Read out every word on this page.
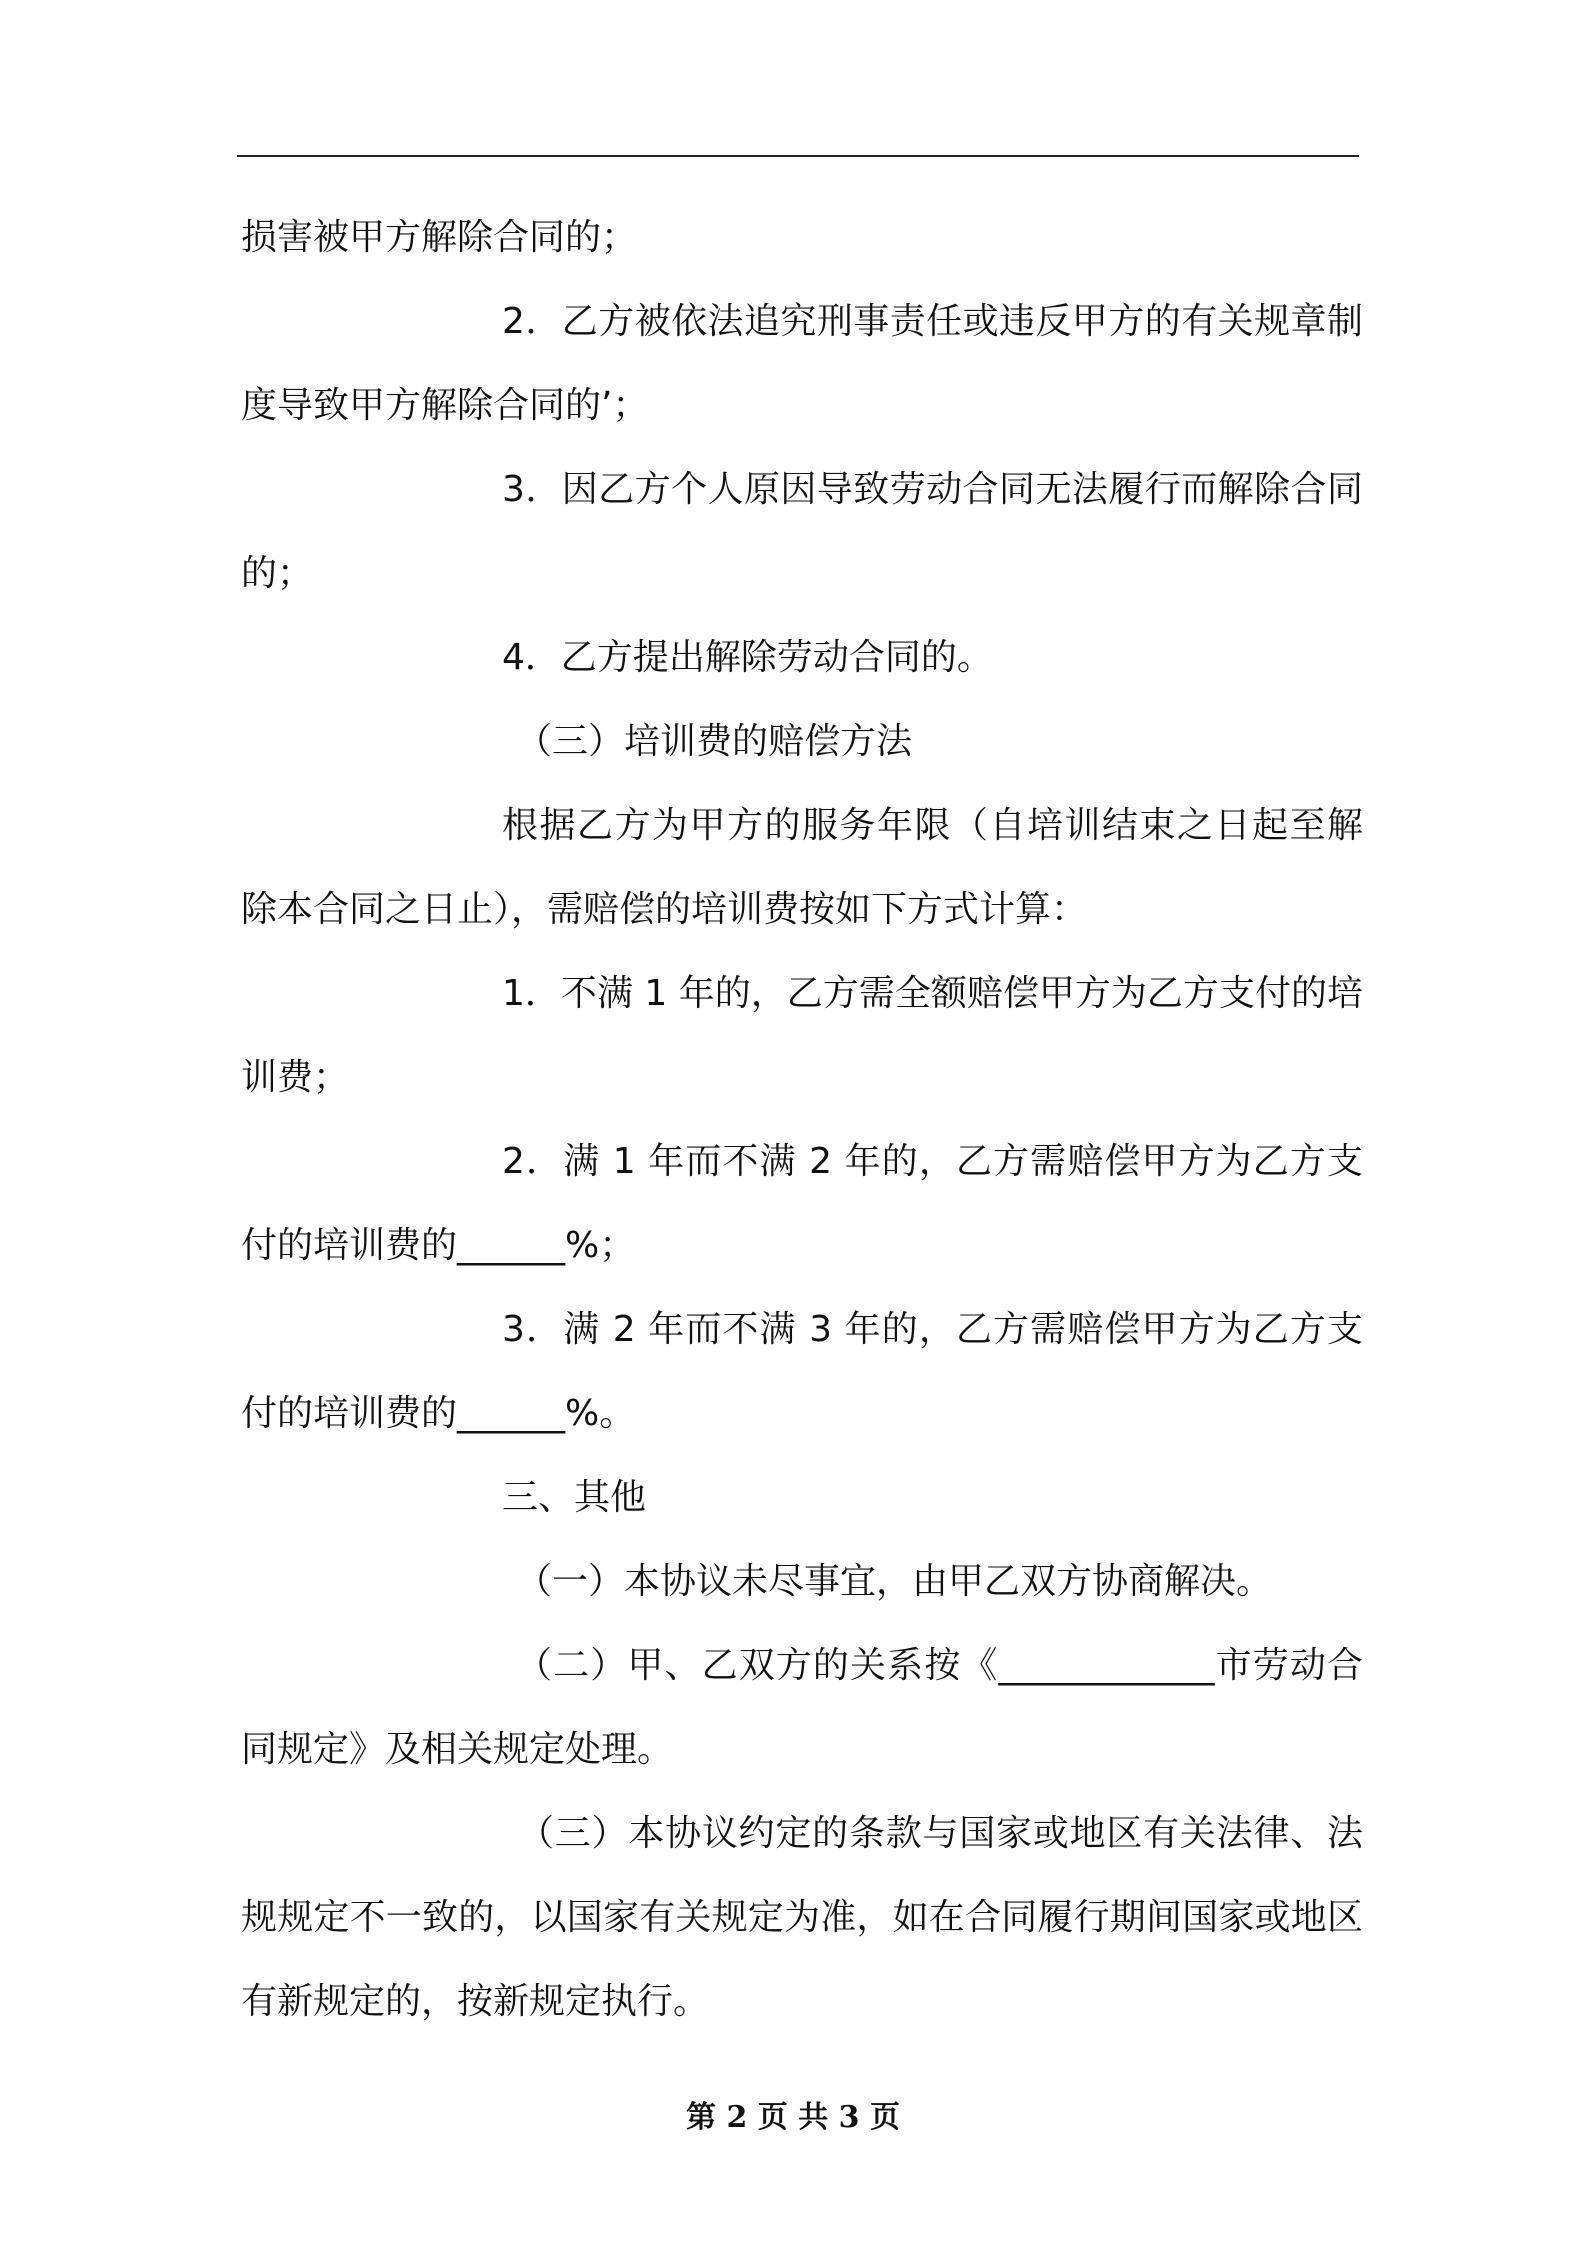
损害被甲方解除合同的；

2．乙方被依法追究刑事责任或违反甲方的有关规章制度导致甲方解除合同的’；

3．因乙方个人原因导致劳动合同无法履行而解除合同的；

4．乙方提出解除劳动合同的。

（三）培训费的赔偿方法

根据乙方为甲方的服务年限（自培训结束之日起至解除本合同之日止），需赔偿的培训费按如下方式计算：

1．不满 1 年的，乙方需全额赔偿甲方为乙方支付的培训费；

2．满 1 年而不满 2 年的，乙方需赔偿甲方为乙方支付的培训费的______%；

3．满 2 年而不满 3 年的，乙方需赔偿甲方为乙方支付的培训费的______%。

三、其他

（一）本协议未尽事宜，由甲乙双方协商解决。

（二）甲、乙双方的关系按《____________市劳动合同规定》及相关规定处理。

（三）本协议约定的条款与国家或地区有关法律、法规规定不一致的，以国家有关规定为准，如在合同履行期间国家或地区有新规定的，按新规定执行。

第 2 页 共 3 页
